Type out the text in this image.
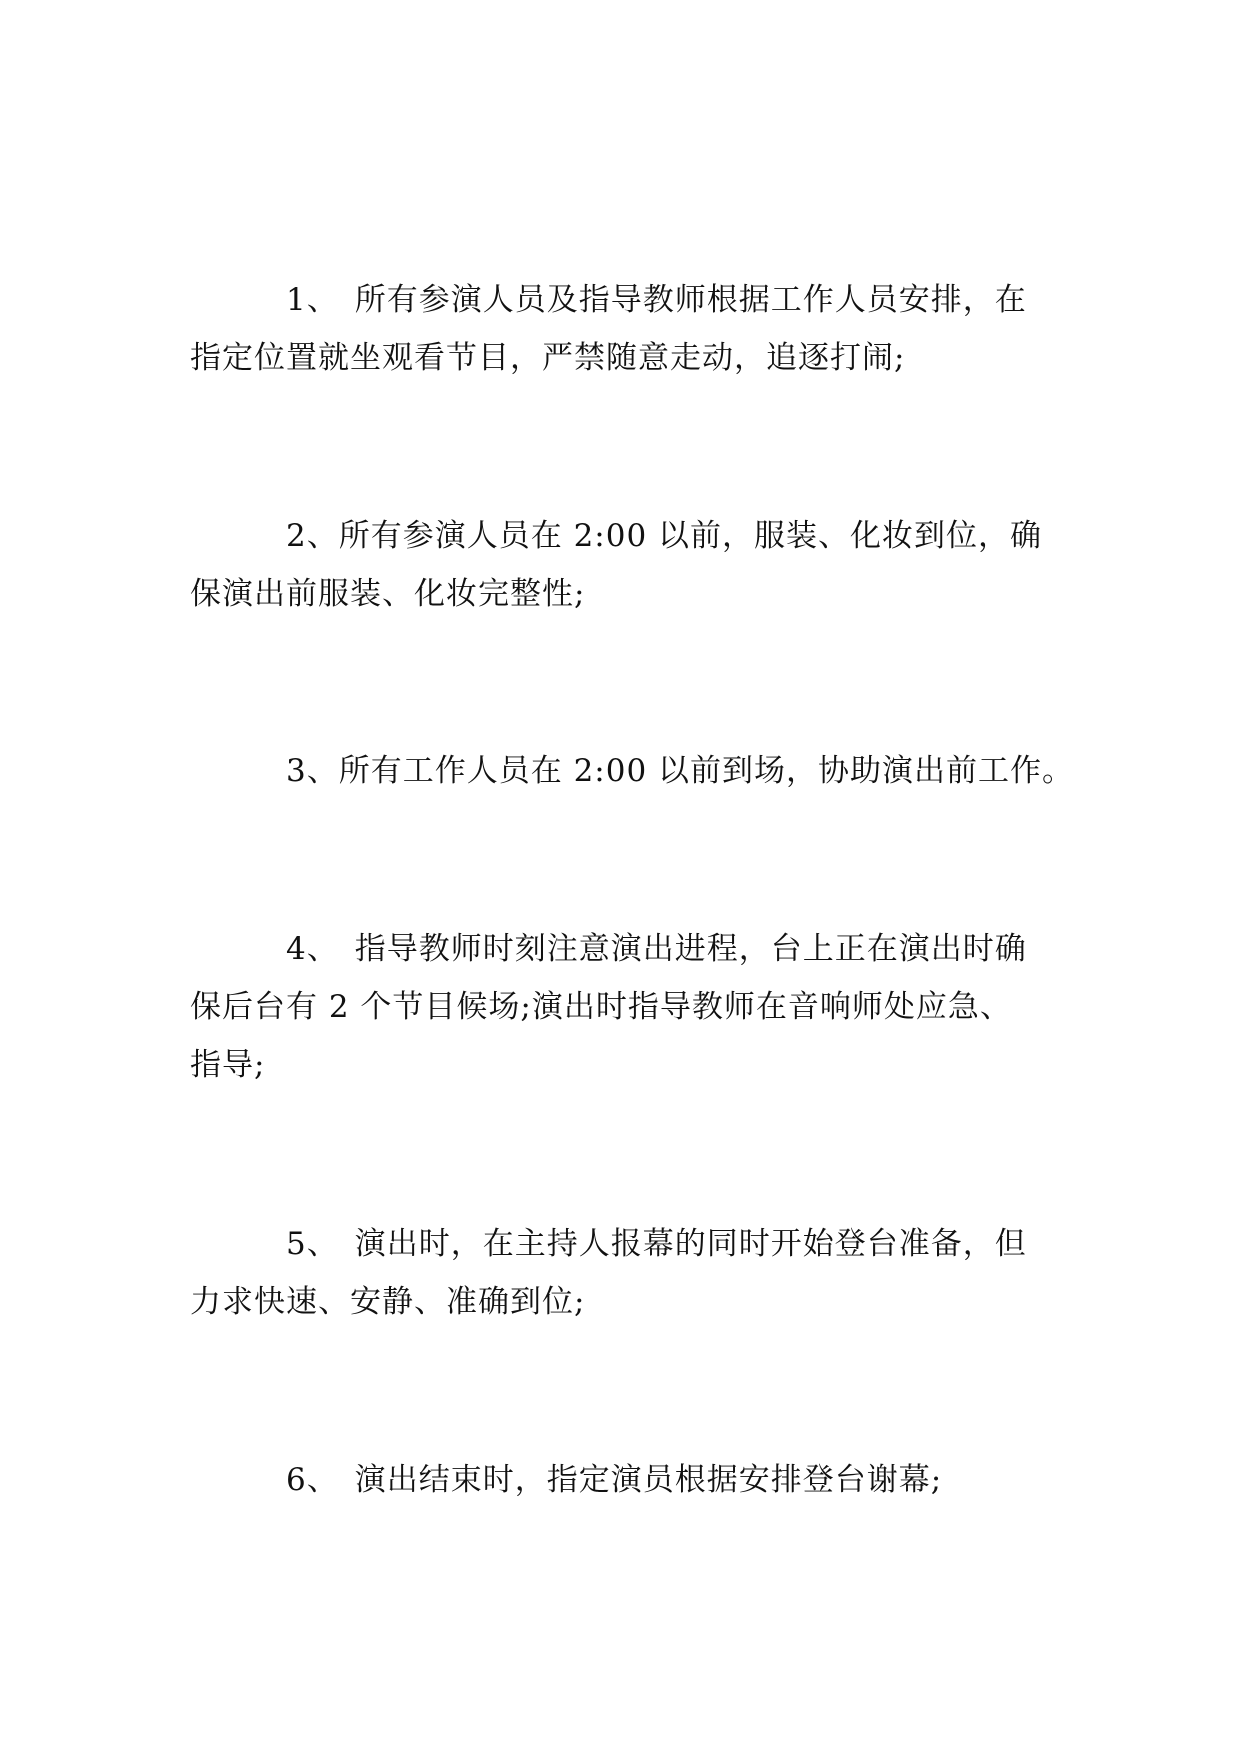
1、 所有参演人员及指导教师根据工作人员安排，在
指定位置就坐观看节目，严禁随意走动，追逐打闹;
2、所有参演人员在 2:00 以前，服装、化妆到位，确
保演出前服装、化妆完整性;
3、所有工作人员在 2:00 以前到场，协助演出前工作。
4、 指导教师时刻注意演出进程，台上正在演出时确
保后台有 2 个节目候场;演出时指导教师在音响师处应急、
指导;
5、 演出时，在主持人报幕的同时开始登台准备，但
力求快速、安静、准确到位;
6、 演出结束时，指定演员根据安排登台谢幕;
